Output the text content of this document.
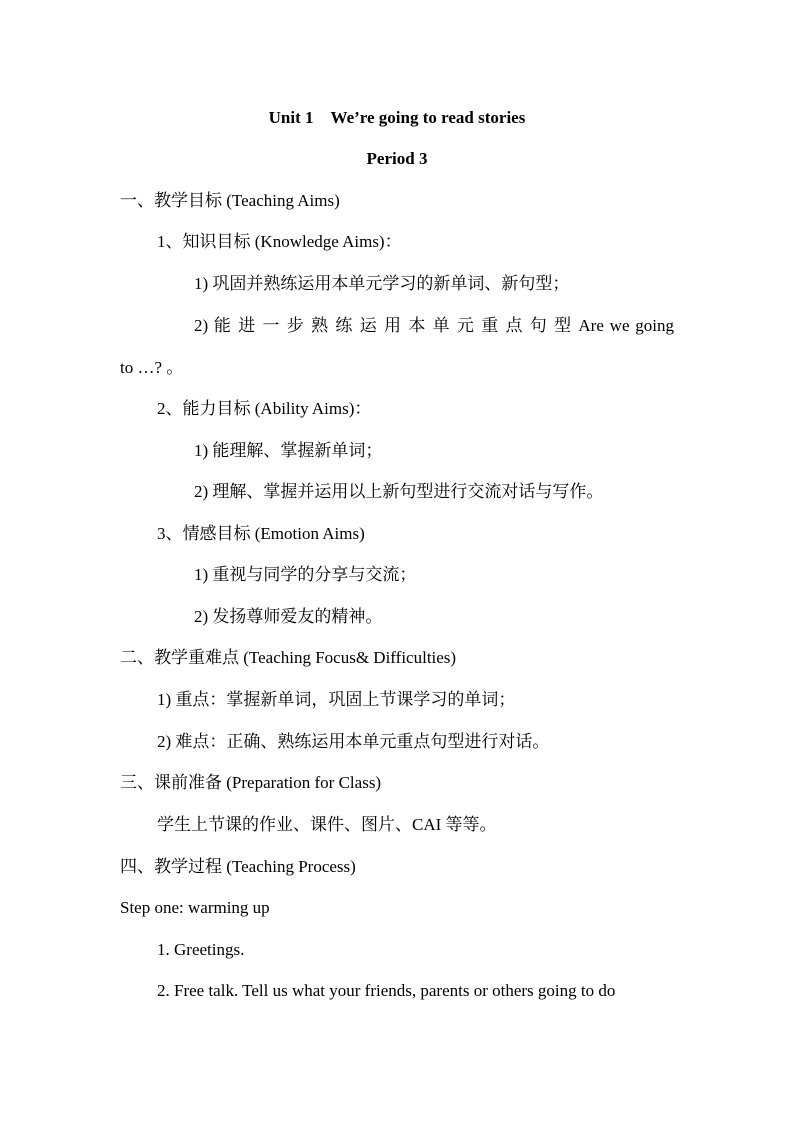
Unit 1　We’re going to read stories
Period 3
一、教学目标 (Teaching Aims)
1、知识目标 (Knowledge Aims)：
1) 巩固并熟练运用本单元学习的新单词、新句型；
2) 能 进 一 步 熟 练 运 用 本 单 元 重 点 句 型 Are we going
to …? 。
2、能力目标 (Ability Aims)：
1) 能理解、掌握新单词；
2) 理解、掌握并运用以上新句型进行交流对话与写作。
3、情感目标 (Emotion Aims)
1) 重视与同学的分享与交流；
2) 发扬尊师爱友的精神。
二、教学重难点 (Teaching Focus& Difficulties)
1) 重点：掌握新单词，巩固上节课学习的单词；
2) 难点：正确、熟练运用本单元重点句型进行对话。
三、课前准备 (Preparation for Class)
学生上节课的作业、课件、图片、CAI 等等。
四、教学过程 (Teaching Process)
Step one: warming up
1. Greetings.
2. Free talk. Tell us what your friends, parents or others going to do
